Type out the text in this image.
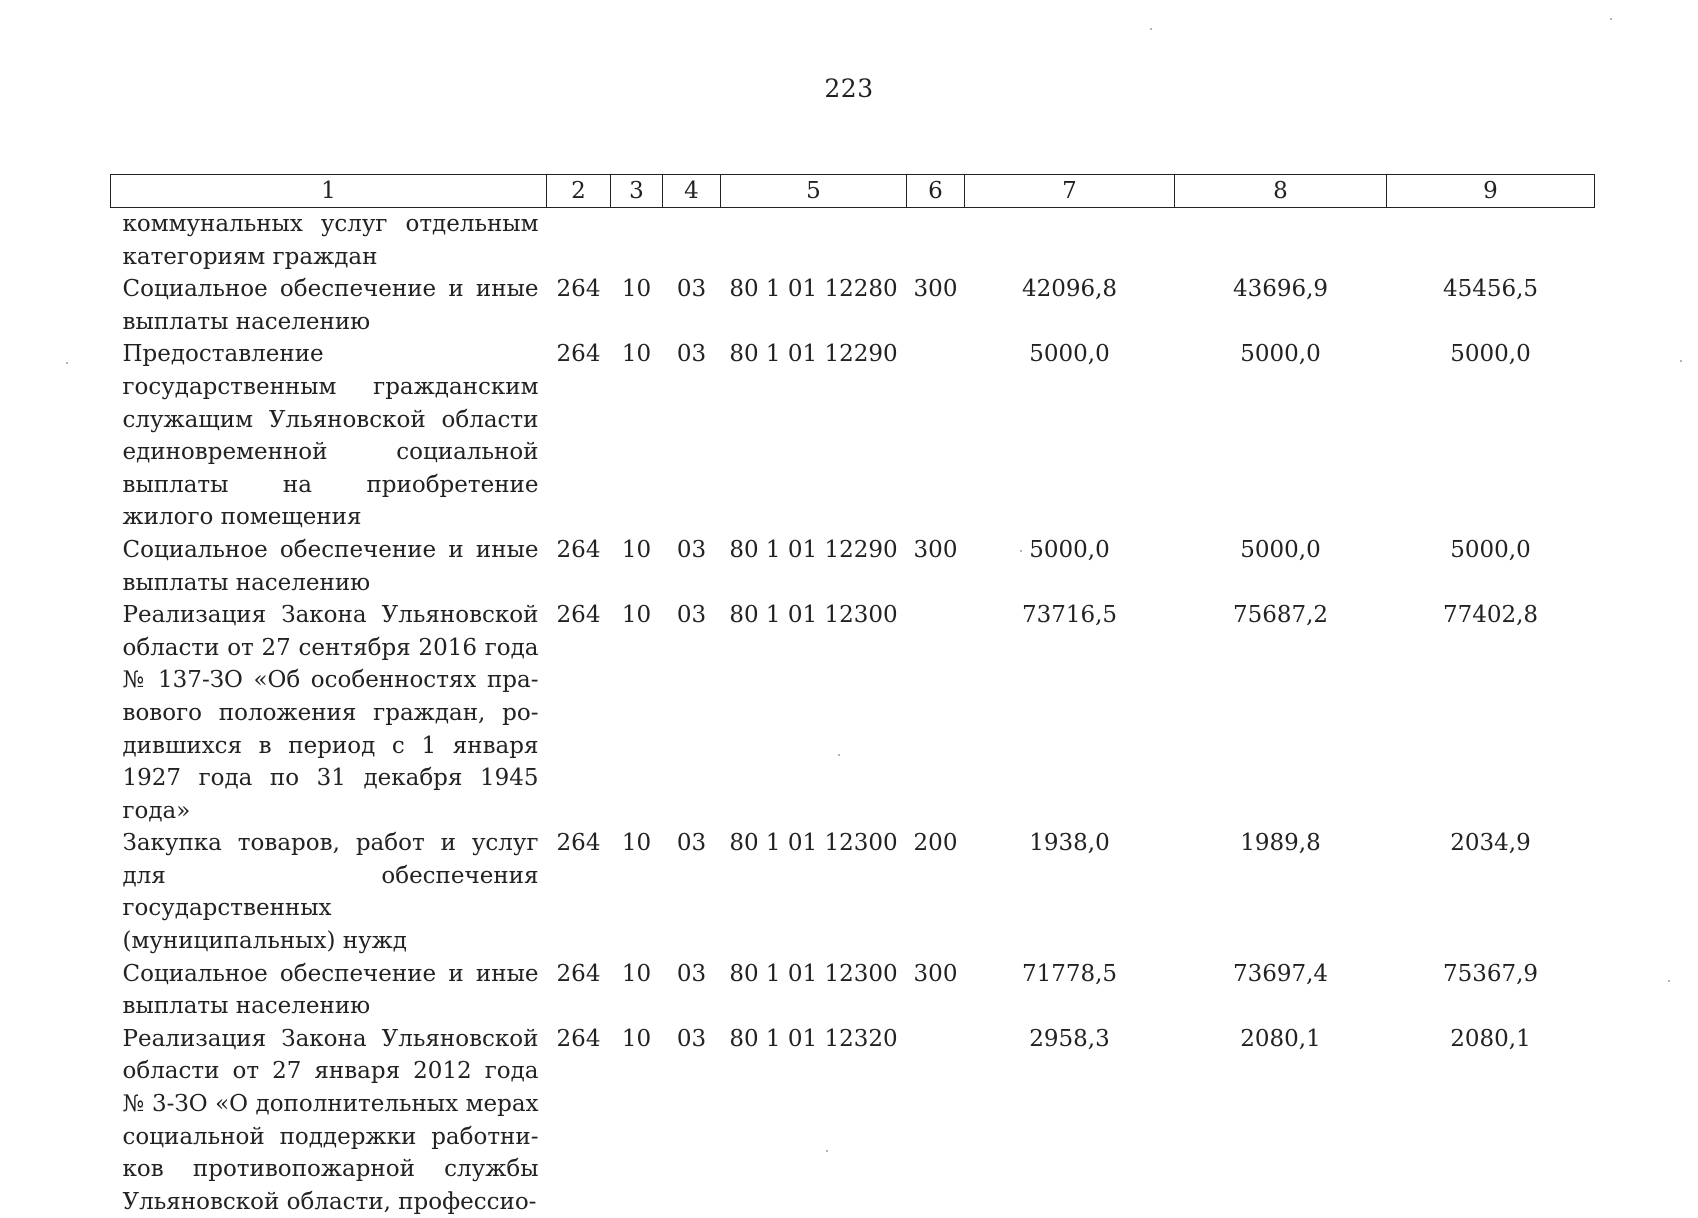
223
1	2	3	4	5	6	7	8	9
коммунальных услуг отдельным категориям граждан								
Социальное обеспечение и иные выплаты населению	264	10	03	80 1 01 12280	300	42096,8	43696,9	45456,5
Предоставление государственным гражданским служащим Ульяновской области единовременной социальной выплаты на приобретение жилого помещения	264	10	03	80 1 01 12290		5000,0	5000,0	5000,0
Социальное обеспечение и иные выплаты населению	264	10	03	80 1 01 12290	300	5000,0	5000,0	5000,0
Реализация Закона Ульяновской области от 27 сентября 2016 года № 137-ЗО «Об особенностях правового положения граждан, родившихся в период с 1 января 1927 года по 31 декабря 1945 года»	264	10	03	80 1 01 12300		73716,5	75687,2	77402,8
Закупка товаров, работ и услуг для обеспечения государственных (муниципальных) нужд	264	10	03	80 1 01 12300	200	1938,0	1989,8	2034,9
Социальное обеспечение и иные выплаты населению	264	10	03	80 1 01 12300	300	71778,5	73697,4	75367,9
Реализация Закона Ульяновской области от 27 января 2012 года № 3-ЗО «О дополнительных мерах социальной поддержки работников противопожарной службы Ульяновской области, профессио-	264	10	03	80 1 01 12320		2958,3	2080,1	2080,1
